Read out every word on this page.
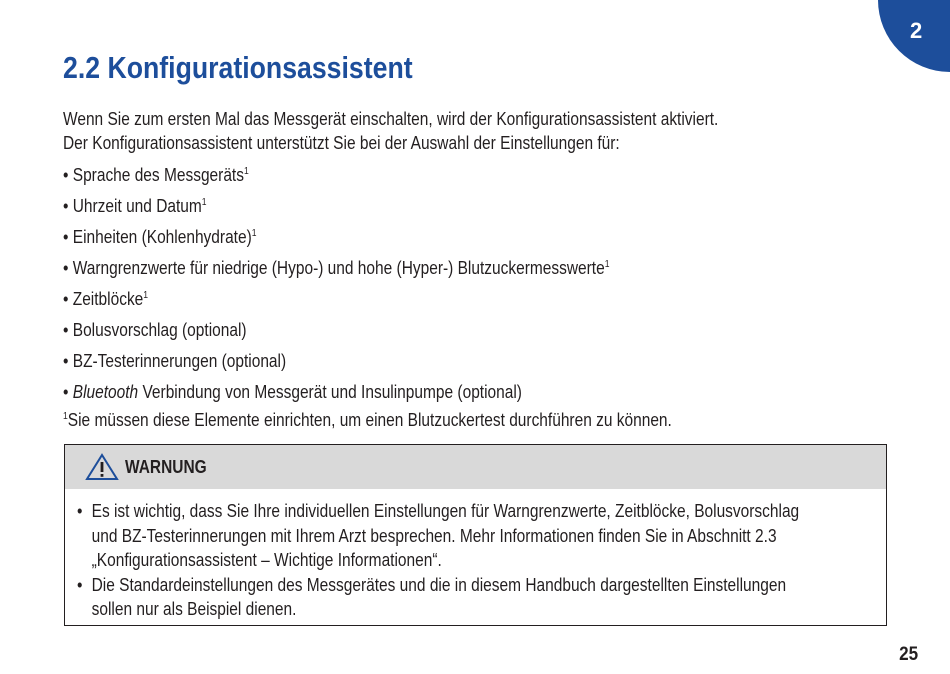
2
2.2 Konfigurationsassistent

Wenn Sie zum ersten Mal das Messgerät einschalten, wird der Konfigurationsassistent aktiviert.

Der Konfigurationsassistent unterstützt Sie bei der Auswahl der Einstellungen für:

• Sprache des Messgeräts$^1$
• Uhrzeit und Datum$^1$
• Einheiten (Kohlenhydrate)$^1$
• Warngrenzwerte für niedrige (Hypo-) und hohe (Hyper-) Blutzuckermesswerte$^1$
• Zeitblöcke$^1$
• Bolusvorschlag (optional)
• BZ-Testerinnerungen (optional)
• Bluetooth Verbindung von Messgerät und Insulinpumpe (optional)
$^1$Sie müssen diese Elemente einrichten, um einen Blutzuckertest durchführen zu können.
WARNUNG
• Es ist wichtig, dass Sie Ihre individuellen Einstellungen für Warngrenzwerte, Zeitblöcke, Bolusvorschlag
und BZ-Testerinnerungen mit Ihrem Arzt besprechen. Mehr Informationen finden Sie in Abschnitt 2.3
„Konfigurationsassistent – Wichtige Informationen“.
• Die Standardeinstellungen des Messgerätes und die in diesem Handbuch dargestellten Einstellungen
sollen nur als Beispiel dienen.
25
